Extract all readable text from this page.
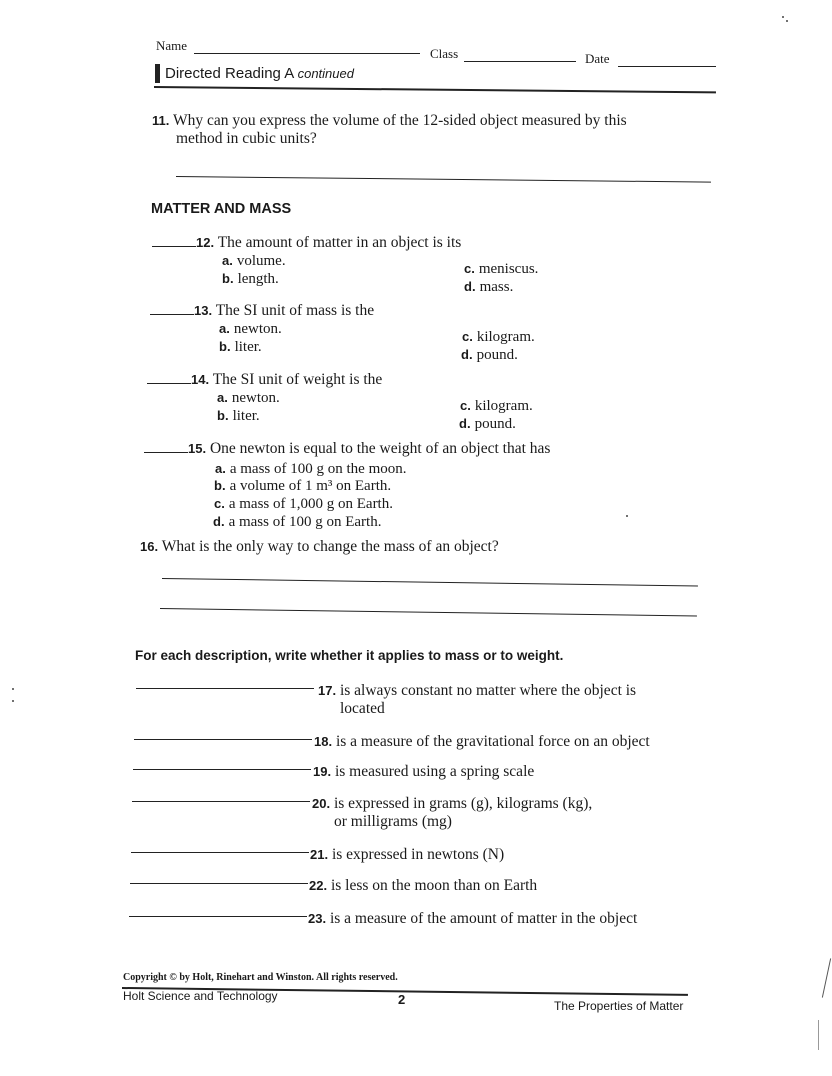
Name
Class	Date
Directed Reading A continued
11. Why can you express the volume of the 12-sided object measured by this
method in cubic units?
MATTER AND MASS
12. The amount of matter in an object is its
a. volume.
b. length.
c. meniscus.
d. mass.
13. The SI unit of mass is the
a. newton.
b. liter.
c. kilogram.
d. pound.
14. The SI unit of weight is the
a. newton.
b. liter.
c. kilogram.
d. pound.
15. One newton is equal to the weight of an object that has
a. a mass of 100 g on the moon.
b. a volume of 1 m³ on Earth.
c. a mass of 1,000 g on Earth.
d. a mass of 100 g on Earth.
16. What is the only way to change the mass of an object?
For each description, write whether it applies to mass or to weight.
17. is always constant no matter where the object is
located
18. is a measure of the gravitational force on an object
19. is measured using a spring scale
20. is expressed in grams (g), kilograms (kg),
or milligrams (mg)
21. is expressed in newtons (N)
22. is less on the moon than on Earth
23. is a measure of the amount of matter in the object
Copyright © by Holt, Rinehart and Winston. All rights reserved.
Holt Science and Technology	2	The Properties of Matter
